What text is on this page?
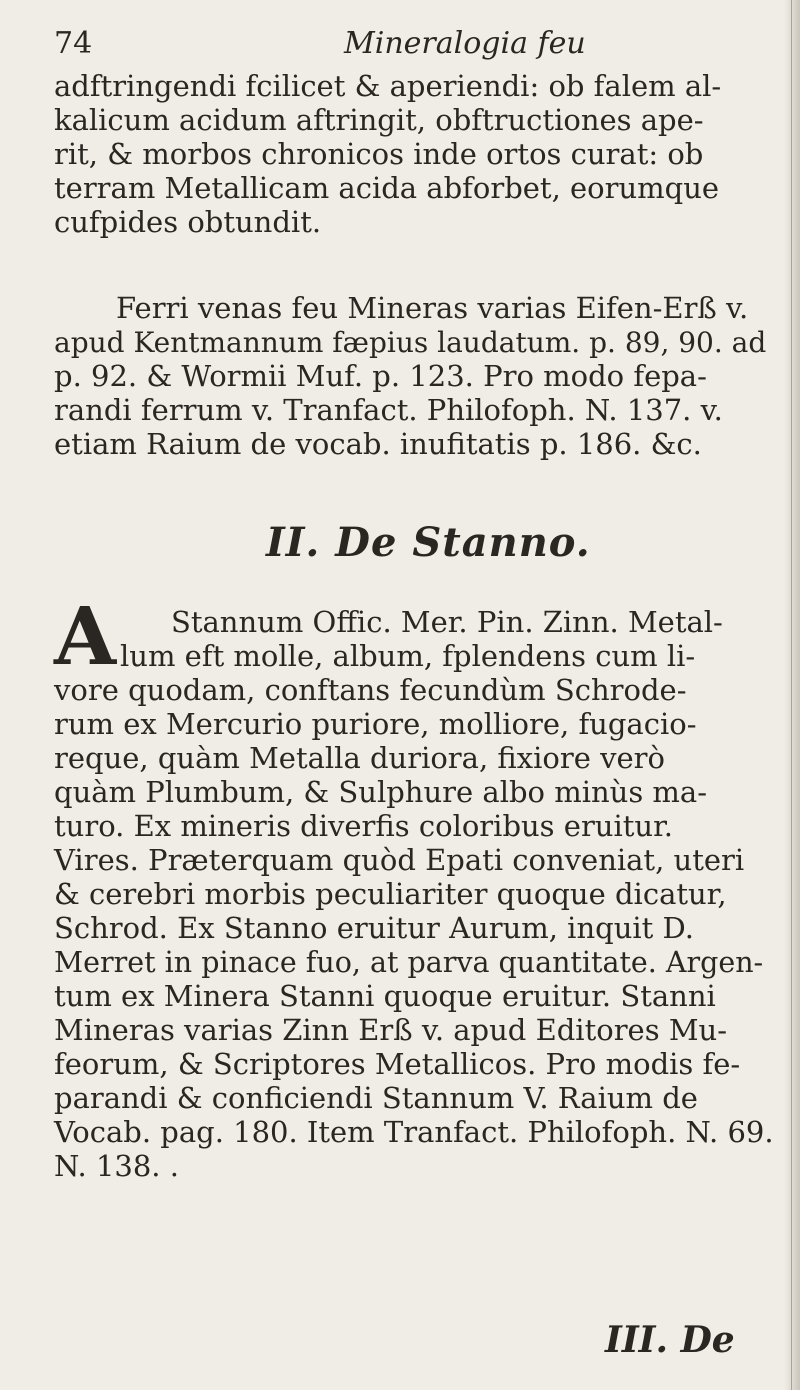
74	Mineralogia feu
adftringendi fcilicet & aperiendi: ob falem al-
kalicum acidum aftringit, obftructiones ape-
rit, & morbos chronicos inde ortos curat: ob
terram Metallicam acida abforbet, eorumque
cufpides obtundit.
Ferri venas feu Mineras varias Eifen-Erß v.
apud Kentmannum fæpius laudatum. p. 89, 90. ad
p. 92. & Wormii Muf. p. 123. Pro modo fepa-
randi ferrum v. Tranfact. Philofoph. N. 137. v.
etiam Raium de vocab. inufitatis p. 186. &c.
II. De Stanno.
A	Stannum Offic. Mer. Pin. Zinn. Metal-
lum eft molle, album, fplendens cum li-
vore quodam, conftans fecundùm Schrode-
rum ex Mercurio puriore, molliore, fugacio-
reque, quàm Metalla duriora, fixiore verò
quàm Plumbum, & Sulphure albo minùs ma-
turo. Ex mineris diverfis coloribus eruitur.
Vires. Præterquam quòd Epati conveniat, uteri
& cerebri morbis peculiariter quoque dicatur,
Schrod. Ex Stanno eruitur Aurum, inquit D.
Merret in pinace fuo, at parva quantitate. Argen-
tum ex Minera Stanni quoque eruitur. Stanni
Mineras varias Zinn Erß v. apud Editores Mu-
feorum, & Scriptores Metallicos. Pro modis fe-
parandi & conficiendi Stannum V. Raium de
Vocab. pag. 180. Item Tranfact. Philofoph. N. 69.
N. 138. .
III. De
